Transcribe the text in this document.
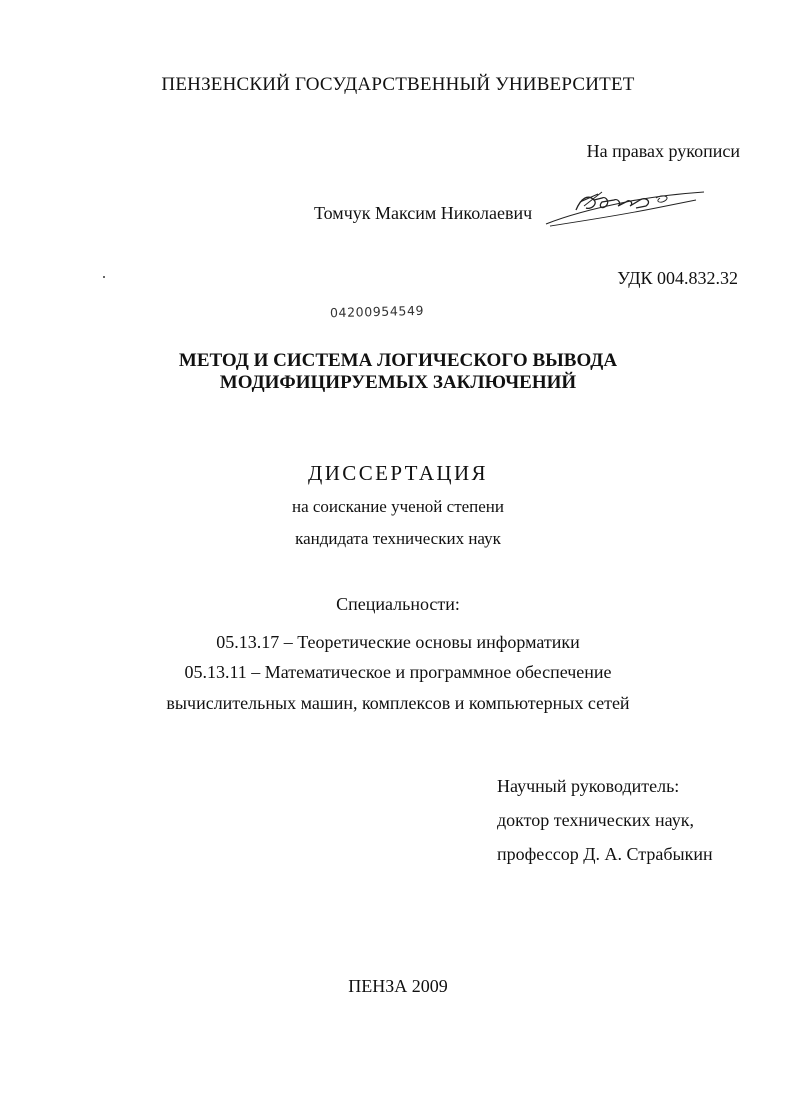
ПЕНЗЕНСКИЙ ГОСУДАРСТВЕННЫЙ УНИВЕРСИТЕТ
На правах рукописи
Томчук Максим Николаевич
УДК 004.832.32
04200954549
МЕТОД И СИСТЕМА ЛОГИЧЕСКОГО ВЫВОДА
МОДИФИЦИРУЕМЫХ ЗАКЛЮЧЕНИЙ
ДИССЕРТАЦИЯ
на соискание ученой степени
кандидата технических наук
Специальности:
05.13.17 – Теоретические основы информатики
05.13.11 – Математическое и программное обеспечение
вычислительных машин, комплексов и компьютерных сетей
Научный руководитель:
доктор технических наук,
профессор Д. А. Страбыкин
ПЕНЗА 2009
